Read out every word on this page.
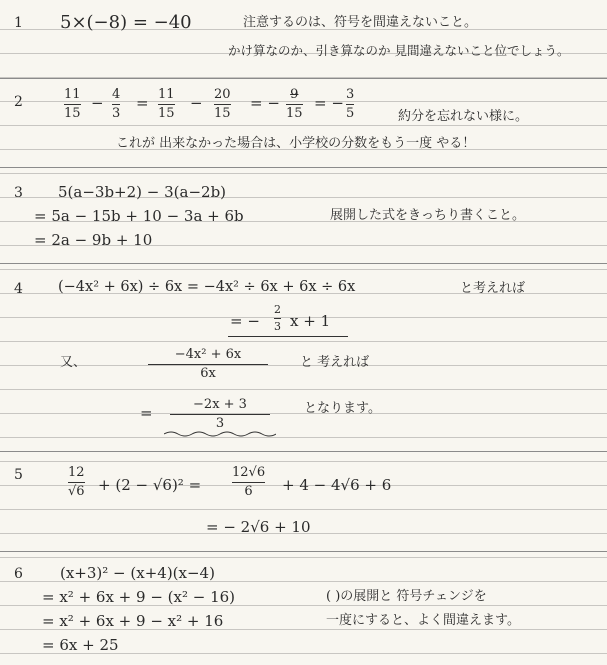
1 5×(−8) = −40	注意するのは、符号を間違えないこと。
かけ算なのか、引き算なのか 見間違えないこと位でしょう。
2	11
15
− 4
3
= 11
15
− 20
15
= − 9
15
= − 3
5	約分を忘れない様に。
これが 出来なかった場合は、小学校の分数をもう一度 やる！
3 5(a−3b+2) − 3(a−2b)
= 5a − 15b + 10 − 3a + 6b
= 2a − 9b + 10
展開した式をきっちり書くこと。
4 (−4x² + 6x) ÷ 6x = −4x² ÷ 6x + 6x ÷ 6x	と考えれば
= −
2
3 x + 1
又、
−4x² + 6x
6x
と 考えれば
=	−2x + 3
3
となります。
5	12
√6 + (2 − √6)² =
12√6
6 + 4 − 4√6 + 6
= − 2√6 + 10
6 (x+3)² − (x+4)(x−4)
= x² + 6x + 9 − (x² − 16)
= x² + 6x + 9 − x² + 16
= 6x + 25
( )の展開と 符号チェンジを
一度にすると、よく間違えます。
